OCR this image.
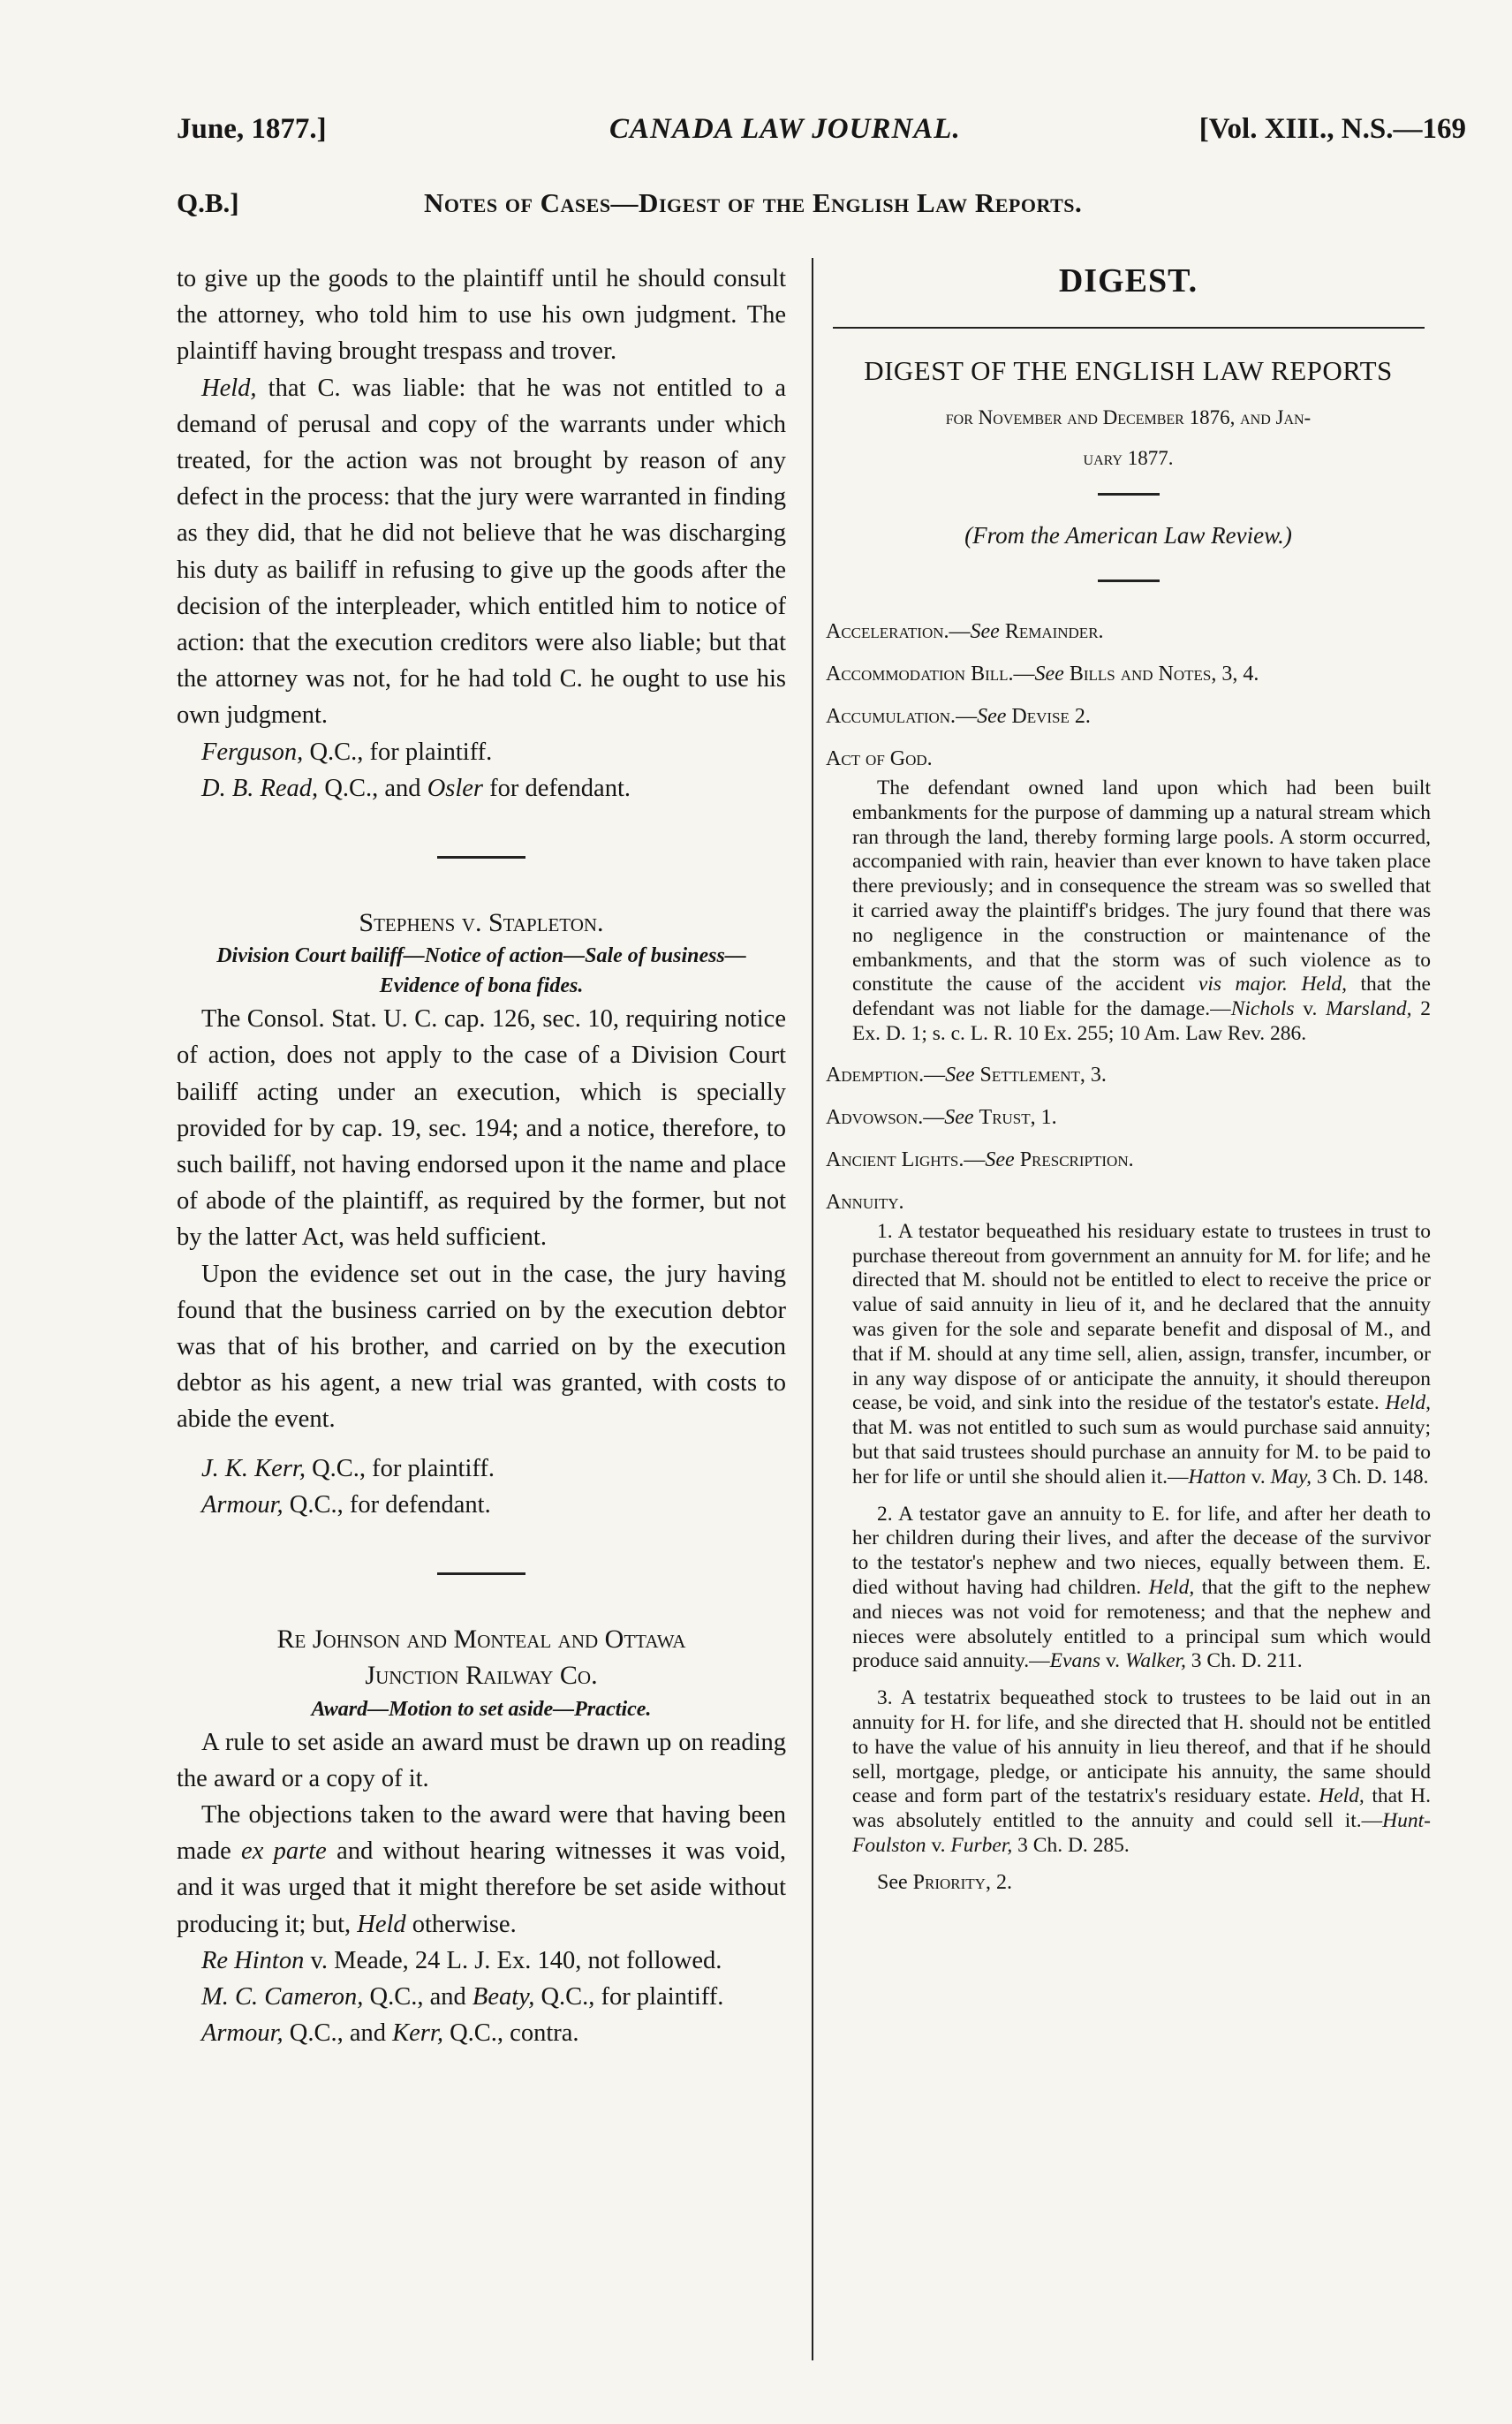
June, 1877.]	CANADA LAW JOURNAL.	[Vol. XIII., N.S.—169
Q.B.]	Notes of Cases—Digest of the English Law Reports.

to give up the goods to the plaintiff until he should consult the attorney, who told him to use his own judgment. The plaintiff having brought trespass and trover.

Held, that C. was liable: that he was not entitled to a demand of perusal and copy of the warrants under which treated, for the action was not brought by reason of any defect in the process: that the jury were warranted in finding as they did, that he did not believe that he was discharging his duty as bailiff in refusing to give up the goods after the decision of the interpleader, which entitled him to notice of action: that the execution creditors were also liable; but that the attorney was not, for he had told C. he ought to use his own judgment.

Ferguson, Q.C., for plaintiff.

D. B. Read, Q.C., and Osler for defendant.

Stephens v. Stapleton.

Division Court bailiff—Notice of action—Sale of business—Evidence of bona fides.

The Consol. Stat. U. C. cap. 126, sec. 10, requiring notice of action, does not apply to the case of a Division Court bailiff acting under an execution, which is specially provided for by cap. 19, sec. 194; and a notice, therefore, to such bailiff, not having endorsed upon it the name and place of abode of the plaintiff, as required by the former, but not by the latter Act, was held sufficient.

Upon the evidence set out in the case, the jury having found that the business carried on by the execution debtor was that of his brother, and carried on by the execution debtor as his agent, a new trial was granted, with costs to abide the event.

J. K. Kerr, Q.C., for plaintiff.

Armour, Q.C., for defendant.

Re Johnson and Monteal and Ottawa

Junction Railway Co.

Award—Motion to set aside—Practice.

A rule to set aside an award must be drawn up on reading the award or a copy of it.

The objections taken to the award were that having been made ex parte and without hearing witnesses it was void, and it was urged that it might therefore be set aside without producing it; but, Held otherwise.

Re Hinton v. Meade, 24 L. J. Ex. 140, not followed.

M. C. Cameron, Q.C., and Beaty, Q.C., for plaintiff.

Armour, Q.C., and Kerr, Q.C., contra.

DIGEST.
DIGEST OF THE ENGLISH LAW REPORTS
for November and December 1876, and Jan-
uary 1877.
(From the American Law Review.)

Acceleration.—See Remainder.

Accommodation Bill.—See Bills and Notes, 3, 4.

Accumulation.—See Devise 2.

Act of God.

The defendant owned land upon which had been built embankments for the purpose of damming up a natural stream which ran through the land, thereby forming large pools. A storm occurred, accompanied with rain, heavier than ever known to have taken place there previously; and in consequence the stream was so swelled that it carried away the plaintiff's bridges. The jury found that there was no negligence in the construction or maintenance of the embankments, and that the storm was of such violence as to constitute the cause of the accident vis major. Held, that the defendant was not liable for the damage.—Nichols v. Marsland, 2 Ex. D. 1; s. c. L. R. 10 Ex. 255; 10 Am. Law Rev. 286.

Ademption.—See Settlement, 3.

Advowson.—See Trust, 1.

Ancient Lights.—See Prescription.

Annuity.

1. A testator bequeathed his residuary estate to trustees in trust to purchase thereout from government an annuity for M. for life; and he directed that M. should not be entitled to elect to receive the price or value of said annuity in lieu of it, and he declared that the annuity was given for the sole and separate benefit and disposal of M., and that if M. should at any time sell, alien, assign, transfer, incumber, or in any way dispose of or anticipate the annuity, it should thereupon cease, be void, and sink into the residue of the testator's estate. Held, that M. was not entitled to such sum as would purchase said annuity; but that said trustees should purchase an annuity for M. to be paid to her for life or until she should alien it.—Hatton v. May, 3 Ch. D. 148.

2. A testator gave an annuity to E. for life, and after her death to her children during their lives, and after the decease of the survivor to the testator's nephew and two nieces, equally between them. E. died without having had children. Held, that the gift to the nephew and nieces was not void for remoteness; and that the nephew and nieces were absolutely entitled to a principal sum which would produce said annuity.—Evans v. Walker, 3 Ch. D. 211.

3. A testatrix bequeathed stock to trustees to be laid out in an annuity for H. for life, and she directed that H. should not be entitled to have the value of his annuity in lieu thereof, and that if he should sell, mortgage, pledge, or anticipate his annuity, the same should cease and form part of the testatrix's residuary estate. Held, that H. was absolutely entitled to the annuity and could sell it.—Hunt-Foulston v. Furber, 3 Ch. D. 285.

See Priority, 2.
